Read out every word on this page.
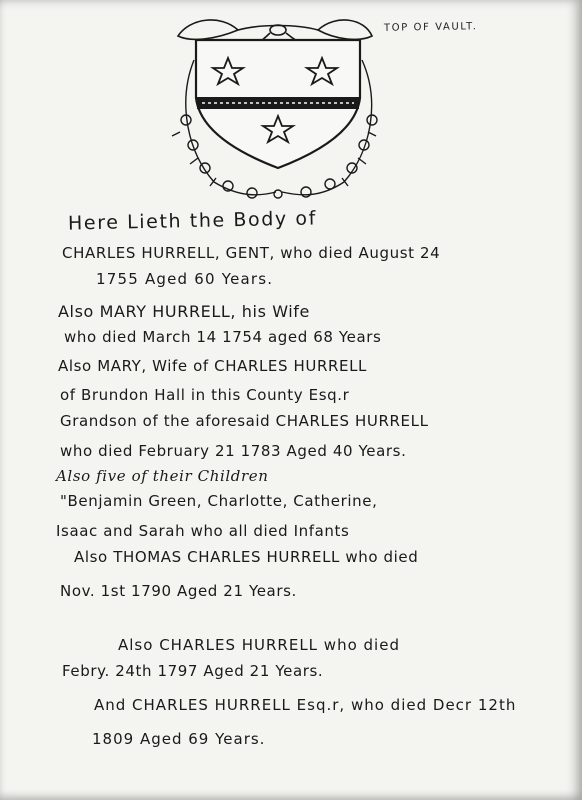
TOP OF VAULT.
Here Lieth the Body of
CHARLES HURRELL, GENT, who died August 24
1755 Aged 60 Years.
Also MARY HURRELL, his Wife
who died March 14 1754 aged 68 Years
Also MARY, Wife of CHARLES HURRELL
of Brundon Hall in this County Esq.r
Grandson of the aforesaid CHARLES HURRELL
who died February 21 1783 Aged 40 Years.
Also five of their Children
"Benjamin Green, Charlotte, Catherine,
Isaac and Sarah who all died Infants
Also THOMAS CHARLES HURRELL who died
Nov. 1st 1790 Aged 21 Years.
Also CHARLES HURRELL who died
Febry. 24th 1797 Aged 21 Years.
And CHARLES HURRELL Esq.r, who died Decr 12th
1809 Aged 69 Years.
